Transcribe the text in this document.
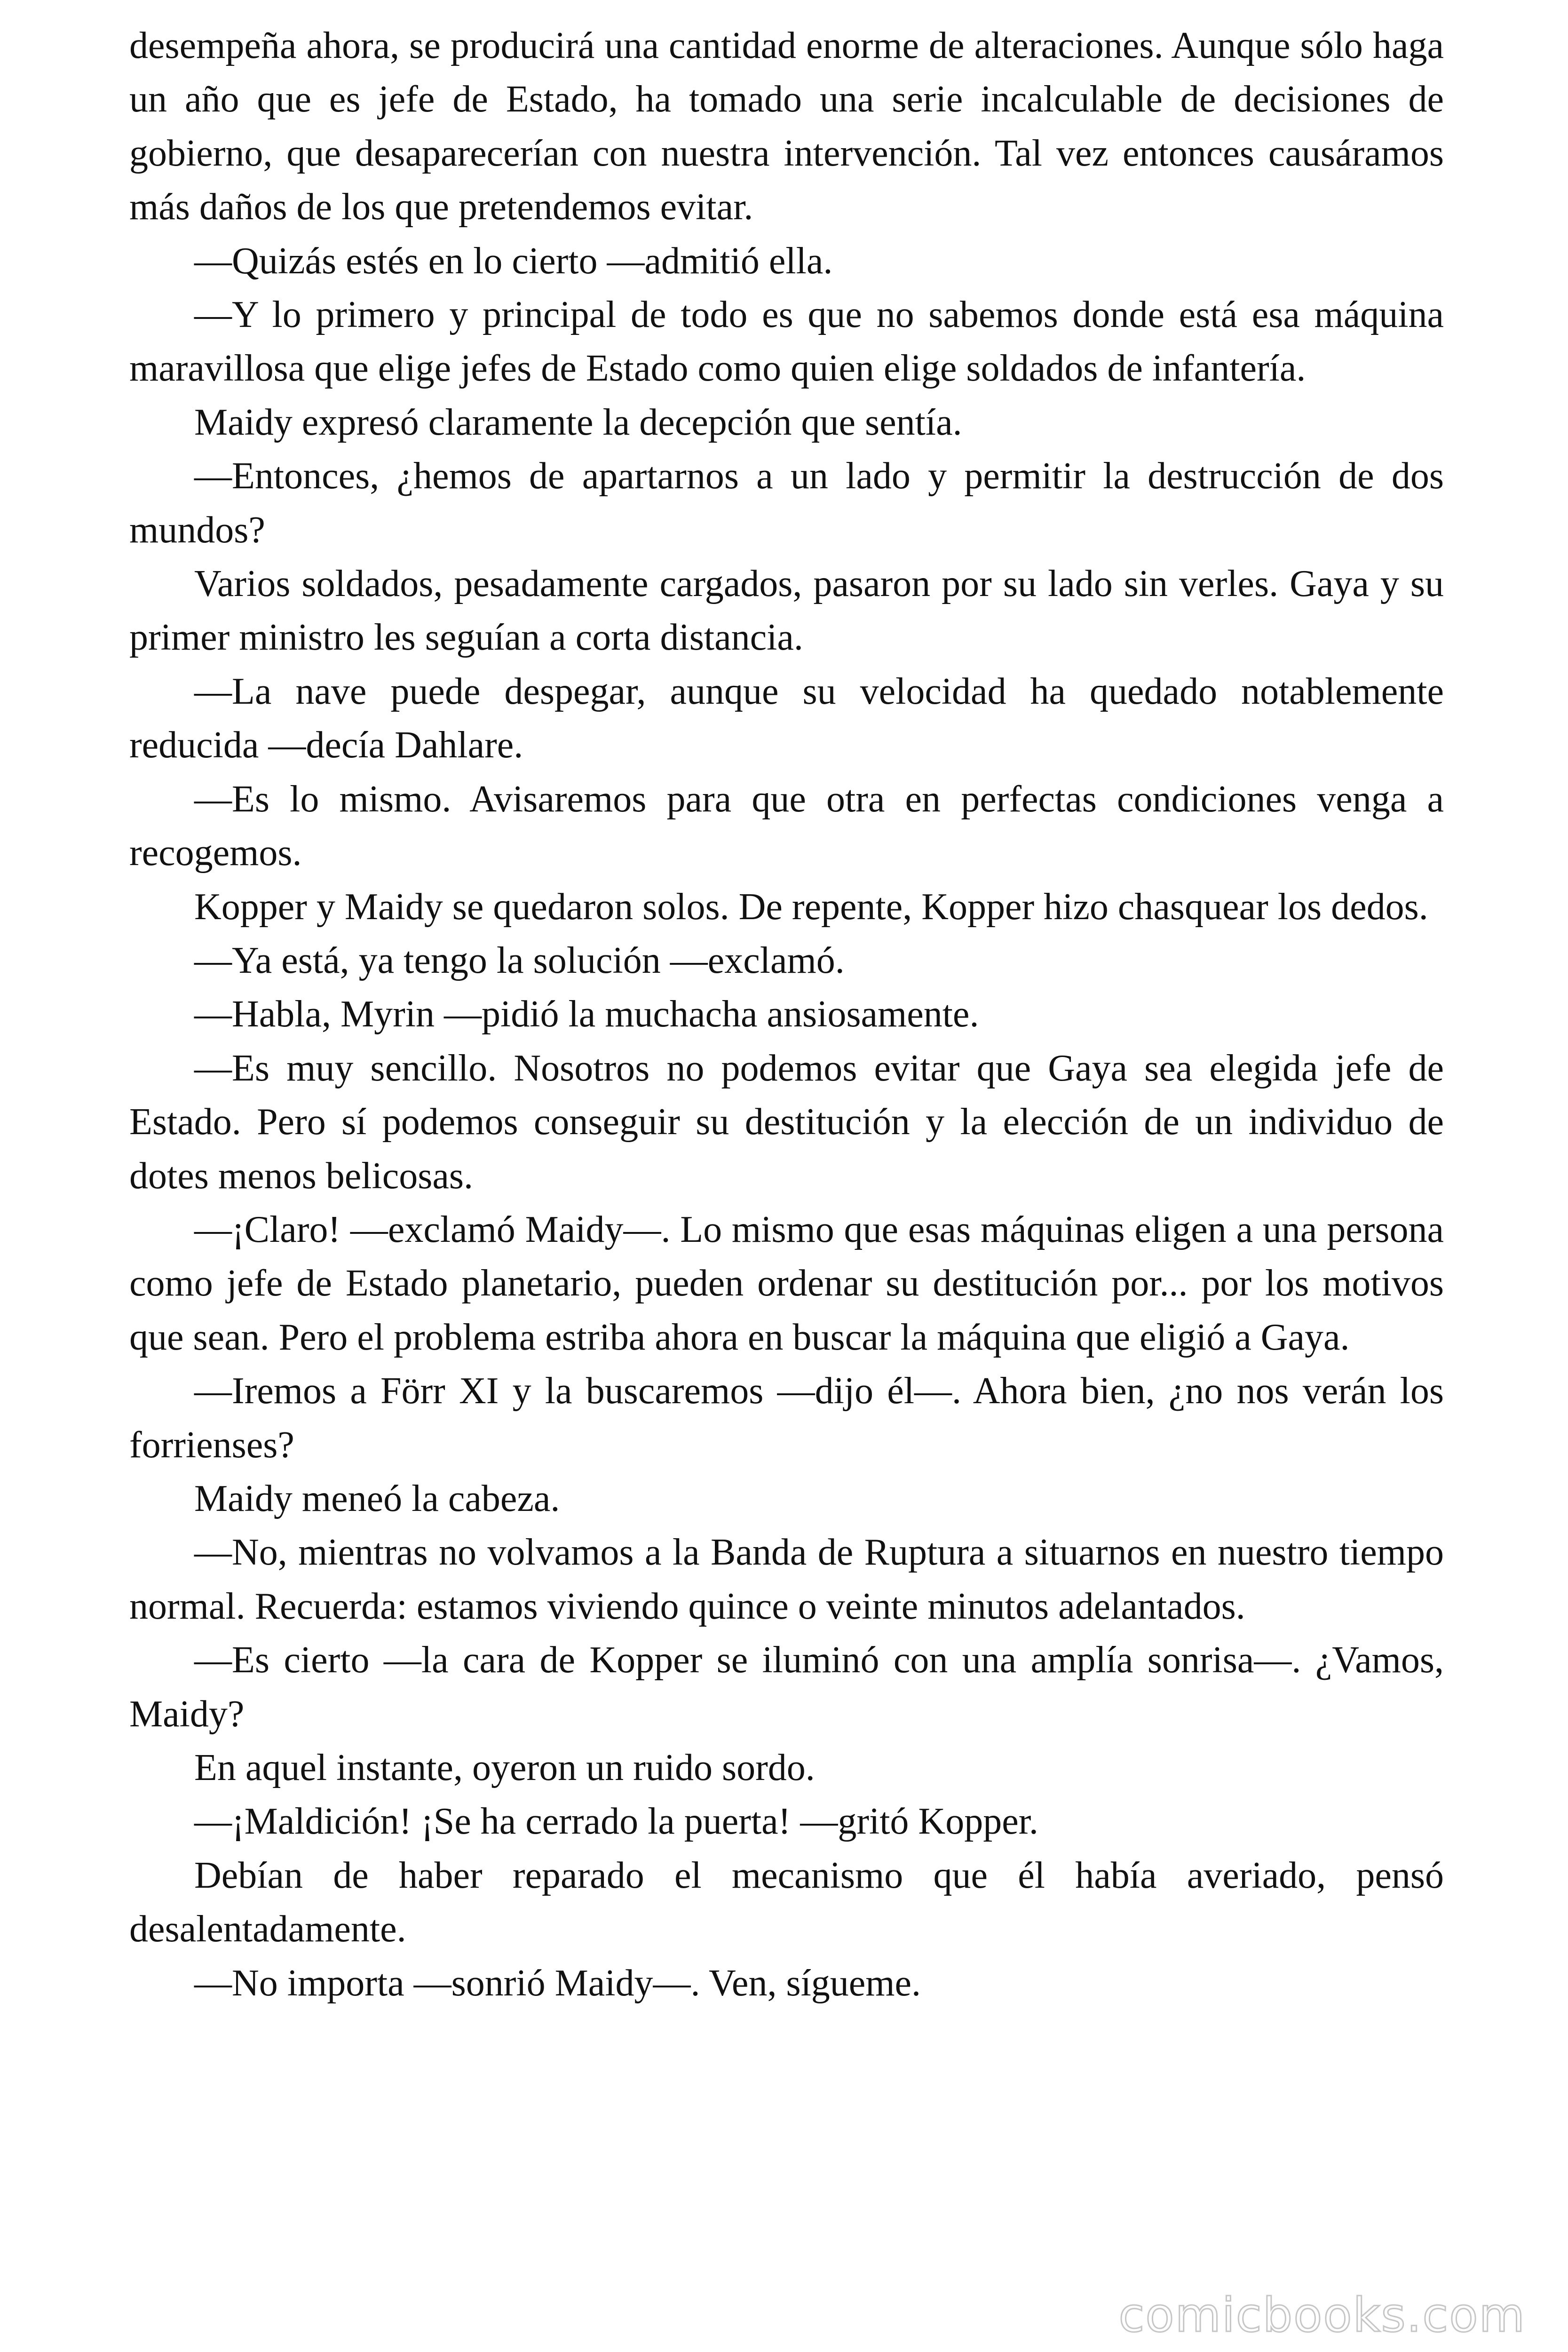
desempeña ahora, se producirá una cantidad enorme de alteraciones. Aunque sólo haga un año que es jefe de Estado, ha tomado una serie incalculable de decisiones de gobierno, que desaparecerían con nuestra intervención. Tal vez entonces causáramos más daños de los que pretendemos evitar.

—Quizás estés en lo cierto —admitió ella.

—Y lo primero y principal de todo es que no sabemos donde está esa máquina maravillosa que elige jefes de Estado como quien elige soldados de infantería.

Maidy expresó claramente la decepción que sentía.

—Entonces, ¿hemos de apartarnos a un lado y permitir la destrucción de dos mundos?

Varios soldados, pesadamente cargados, pasaron por su lado sin verles. Gaya y su primer ministro les seguían a corta distancia.

—La nave puede despegar, aunque su velocidad ha quedado notablemente reducida —decía Dahlare.

—Es lo mismo. Avisaremos para que otra en perfectas condiciones venga a recogemos.

Kopper y Maidy se quedaron solos. De repente, Kopper hizo chasquear los dedos.

—Ya está, ya tengo la solución —exclamó.

—Habla, Myrin —pidió la muchacha ansiosamente.

—Es muy sencillo. Nosotros no podemos evitar que Gaya sea elegida jefe de Estado. Pero sí podemos conseguir su destitución y la elección de un individuo de dotes menos belicosas.

—¡Claro! —exclamó Maidy—. Lo mismo que esas máquinas eligen a una persona como jefe de Estado planetario, pueden ordenar su destitución por... por los motivos que sean. Pero el problema estriba ahora en buscar la máquina que eligió a Gaya.

—Iremos a Förr XI y la buscaremos —dijo él—. Ahora bien, ¿no nos verán los forrienses?

Maidy meneó la cabeza.

—No, mientras no volvamos a la Banda de Ruptura a situarnos en nuestro tiempo normal. Recuerda: estamos viviendo quince o veinte minutos adelantados.

—Es cierto —la cara de Kopper se iluminó con una amplía sonrisa—. ¿Vamos, Maidy?

En aquel instante, oyeron un ruido sordo.

—¡Maldición! ¡Se ha cerrado la puerta! —gritó Kopper.

Debían de haber reparado el mecanismo que él había averiado, pensó desalentadamente.

—No importa —sonrió Maidy—. Ven, sígueme.

comicbooks.com
